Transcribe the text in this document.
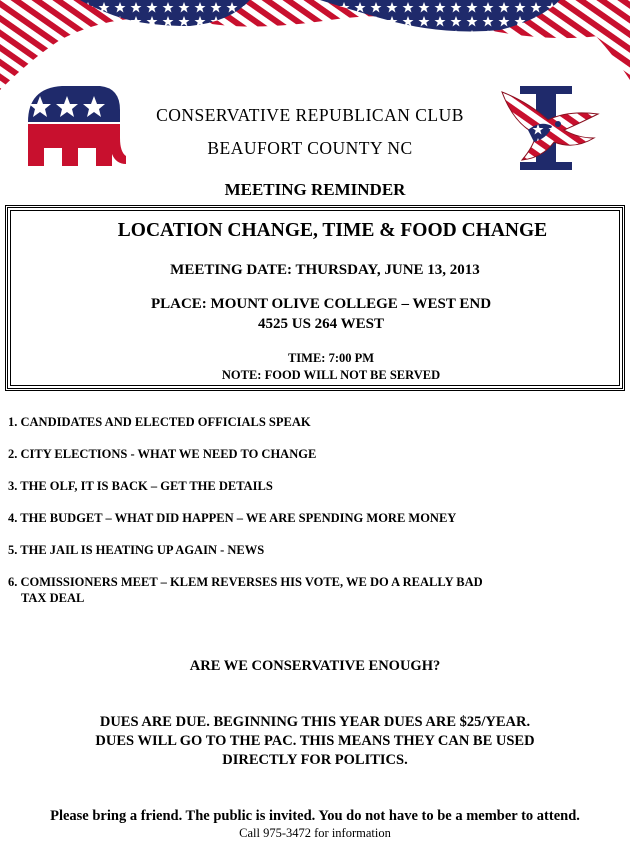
CONSERVATIVE REPUBLICAN CLUB
BEAUFORT COUNTY NC
MEETING REMINDER
LOCATION CHANGE, TIME & FOOD CHANGE
MEETING DATE: THURSDAY, JUNE 13, 2013
PLACE: MOUNT OLIVE COLLEGE – WEST END
4525 US 264 WEST
TIME: 7:00 PM
NOTE: FOOD WILL NOT BE SERVED
1. CANDIDATES AND ELECTED OFFICIALS SPEAK
2. CITY ELECTIONS - WHAT WE NEED TO CHANGE
3. THE OLF, IT IS BACK – GET THE DETAILS
4. THE BUDGET – WHAT DID HAPPEN – WE ARE SPENDING MORE MONEY
5. THE JAIL IS HEATING UP AGAIN - NEWS
6. COMISSIONERS MEET – KLEM REVERSES HIS VOTE, WE DO A REALLY BAD
TAX DEAL
ARE WE CONSERVATIVE ENOUGH?
DUES ARE DUE. BEGINNING THIS YEAR DUES ARE $25/YEAR.
DUES WILL GO TO THE PAC. THIS MEANS THEY CAN BE USED
DIRECTLY FOR POLITICS.
Please bring a friend. The public is invited. You do not have to be a member to attend.
Call 975-3472 for information
